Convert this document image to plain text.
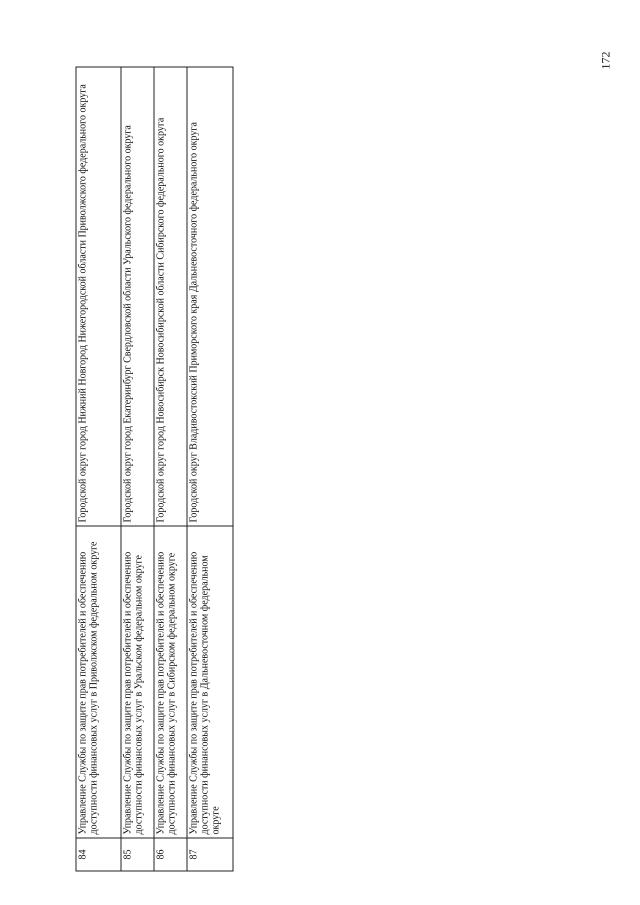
172
84	Управление Службы по защите прав потребителей и обеспечению доступности финансовых услуг в Приволжском федеральном округе	Городской округ город Нижний Новгород Нижегородской области Приволжского федерального округа
85	Управление Службы по защите прав потребителей и обеспечению доступности финансовых услуг в Уральском федеральном округе	Городской округ город Екатеринбург Свердловской области Уральского федерального округа
86	Управление Службы по защите прав потребителей и обеспечению доступности финансовых услуг в Сибирском федеральном округе	Городской округ город Новосибирск Новосибирской области Сибирского федерального округа
87	Управление Службы по защите прав потребителей и обеспечению доступности финансовых услуг в Дальневосточном федеральном округе	Городской округ Владивостокский Приморского края Дальневосточного федерального округа
